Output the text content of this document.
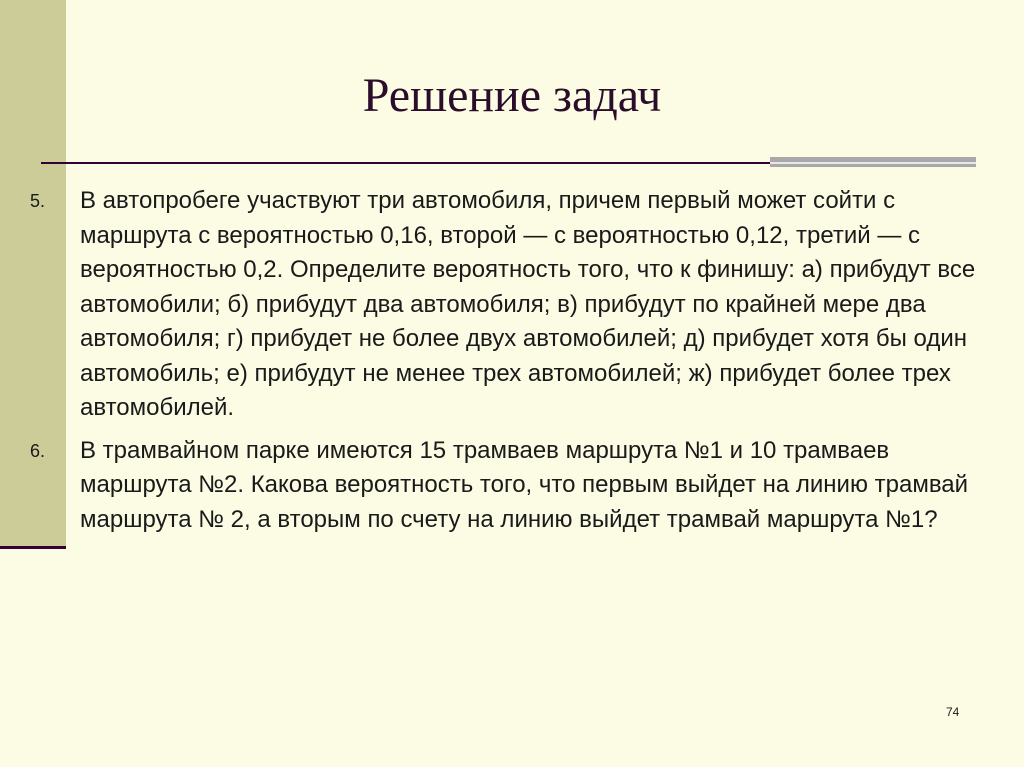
Решение задач
5. В автопробеге участвуют три автомобиля, причем первый может сойти с маршрута с вероятностью 0,16, второй — с вероятностью 0,12, третий — с вероятностью 0,2. Определите вероятность того, что к финишу: а) прибудут все автомобили; б) прибудут два автомобиля; в) прибудут по крайней мере два автомобиля; г) прибудет не более двух автомобилей; д) прибудет хотя бы один автомобиль; е) прибудут не менее трех автомобилей; ж) прибудет более трех автомобилей.
6. В трамвайном парке имеются 15 трамваев маршрута №1 и 10 трамваев маршрута №2. Какова вероятность того, что первым выйдет на линию трамвай маршрута № 2, а вторым по счету на линию выйдет трамвай маршрута №1?
74
